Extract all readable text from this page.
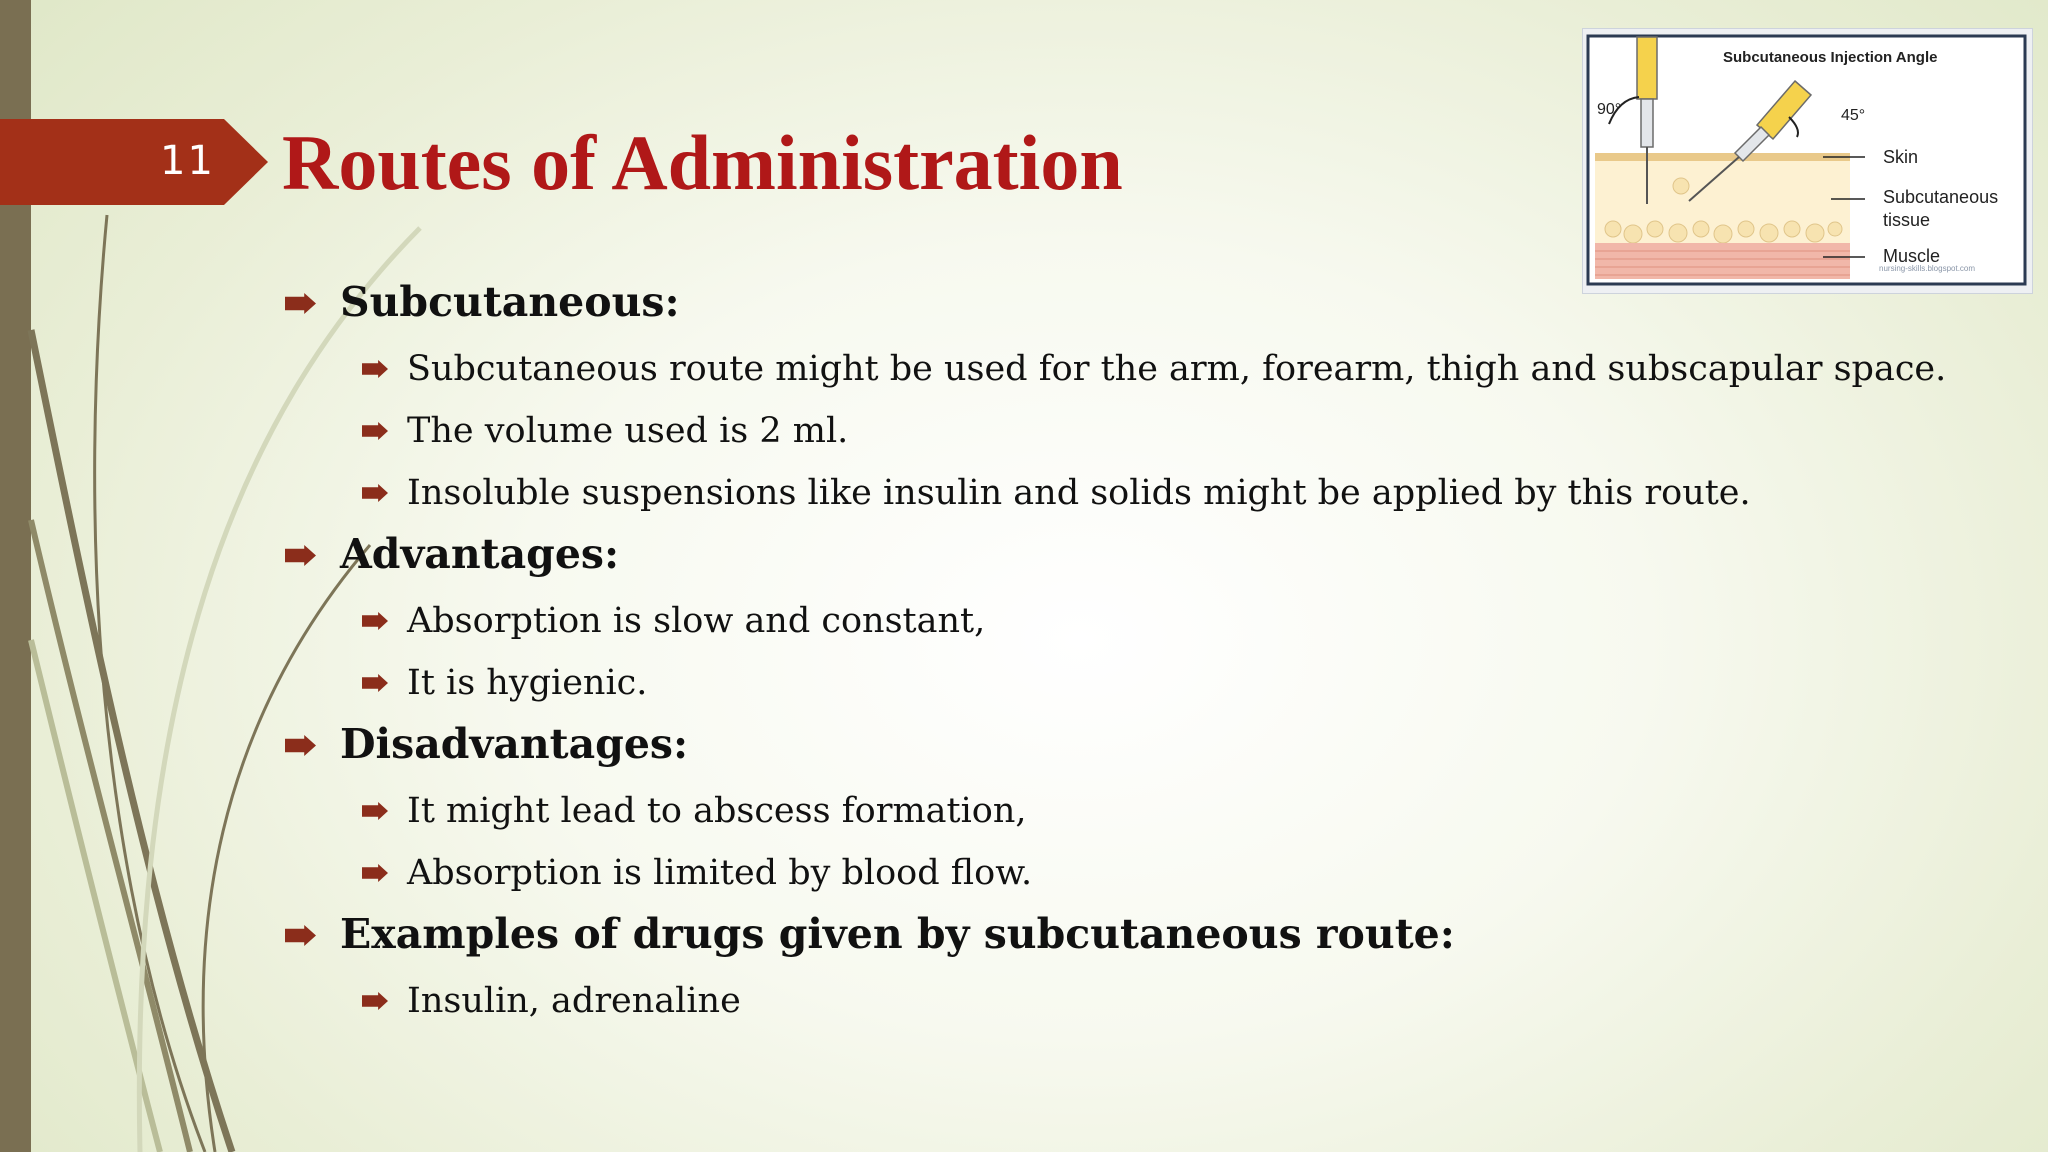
11 Routes of Administration
Subcutaneous Injection Angle
90°	45°
Skin
Subcutaneous
tissue
Muscle
nursing-skills.blogspot.com
Subcutaneous:
Subcutaneous route might be used for the arm, forearm, thigh and subscapular space.
The volume used is 2 ml.
Insoluble suspensions like insulin and solids might be applied by this route.
Advantages:
Absorption is slow and constant,
It is hygienic.
Disadvantages:
It might lead to abscess formation,
Absorption is limited by blood flow.
Examples of drugs given by subcutaneous route:
Insulin, adrenaline
